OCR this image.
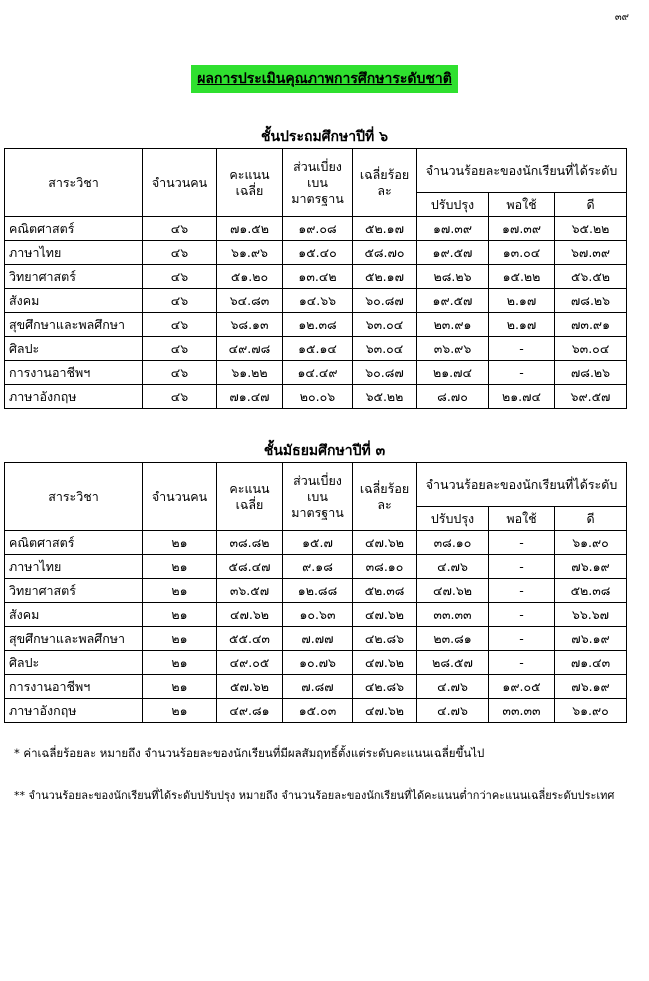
๓๙
ผลการประเมินคุณภาพการศึกษาระดับชาติ
ชั้นประถมศึกษาปีที่ ๖
สาระวิชา	จำนวนคน	คะแนนเฉลี่ย	ส่วนเบี่ยงเบนมาตรฐาน	เฉลี่ยร้อยละ	จำนวนร้อยละของนักเรียนที่ได้ระดับ		
					ปรับปรุง	พอใช้	ดี
คณิตศาสตร์	๔๖	๗๑.๕๒	๑๙.๐๘	๕๒.๑๗	๑๗.๓๙	๑๗.๓๙	๖๕.๒๒
ภาษาไทย	๔๖	๖๑.๙๖	๑๕.๔๐	๕๘.๗๐	๑๙.๕๗	๑๓.๐๔	๖๗.๓๙
วิทยาศาสตร์	๔๖	๕๑.๒๐	๑๓.๔๒	๕๒.๑๗	๒๘.๒๖	๑๕.๒๒	๕๖.๕๒
สังคม	๔๖	๖๔.๘๓	๑๔.๖๖	๖๐.๘๗	๑๙.๕๗	๒.๑๗	๗๘.๒๖
สุขศึกษาและพลศึกษา	๔๖	๖๘.๑๓	๑๒.๓๘	๖๓.๐๔	๒๓.๙๑	๒.๑๗	๗๓.๙๑
ศิลปะ	๔๖	๔๙.๗๘	๑๕.๑๔	๖๓.๐๔	๓๖.๙๖	-	๖๓.๐๔
การงานอาชีพฯ	๔๖	๖๑.๒๒	๑๔.๔๙	๖๐.๘๗	๒๑.๗๔	-	๗๘.๒๖
ภาษาอังกฤษ	๔๖	๗๑.๔๗	๒๐.๐๖	๖๕.๒๒	๘.๗๐	๒๑.๗๔	๖๙.๕๗
ชั้นมัธยมศึกษาปีที่ ๓
สาระวิชา	จำนวนคน	คะแนนเฉลี่ย	ส่วนเบี่ยงเบนมาตรฐาน	เฉลี่ยร้อยละ	จำนวนร้อยละของนักเรียนที่ได้ระดับ		
					ปรับปรุง	พอใช้	ดี
คณิตศาสตร์	๒๑	๓๘.๘๒	๑๕.๗	๔๗.๖๒	๓๘.๑๐	-	๖๑.๙๐
ภาษาไทย	๒๑	๕๘.๔๗	๙.๑๘	๓๘.๑๐	๔.๗๖	-	๗๖.๑๙
วิทยาศาสตร์	๒๑	๓๖.๕๗	๑๒.๘๘	๕๒.๓๘	๔๗.๖๒	-	๕๒.๓๘
สังคม	๒๑	๔๗.๖๒	๑๐.๖๓	๔๗.๖๒	๓๓.๓๓	-	๖๖.๖๗
สุขศึกษาและพลศึกษา	๒๑	๕๕.๔๓	๗.๗๗	๔๒.๘๖	๒๓.๘๑	-	๗๖.๑๙
ศิลปะ	๒๑	๔๙.๐๕	๑๐.๗๖	๔๗.๖๒	๒๘.๕๗	-	๗๑.๔๓
การงานอาชีพฯ	๒๑	๕๗.๖๒	๗.๘๗	๔๒.๘๖	๔.๗๖	๑๙.๐๕	๗๖.๑๙
ภาษาอังกฤษ	๒๑	๔๙.๘๑	๑๕.๐๓	๔๗.๖๒	๔.๗๖	๓๓.๓๓	๖๑.๙๐
* ค่าเฉลี่ยร้อยละ หมายถึง จำนวนร้อยละของนักเรียนที่มีผลสัมฤทธิ์ตั้งแต่ระดับคะแนนเฉลี่ยขึ้นไป
** จำนวนร้อยละของนักเรียนที่ได้ระดับปรับปรุง หมายถึง จำนวนร้อยละของนักเรียนที่ได้คะแนนต่ำกว่าคะแนนเฉลี่ยระดับประเทศ
